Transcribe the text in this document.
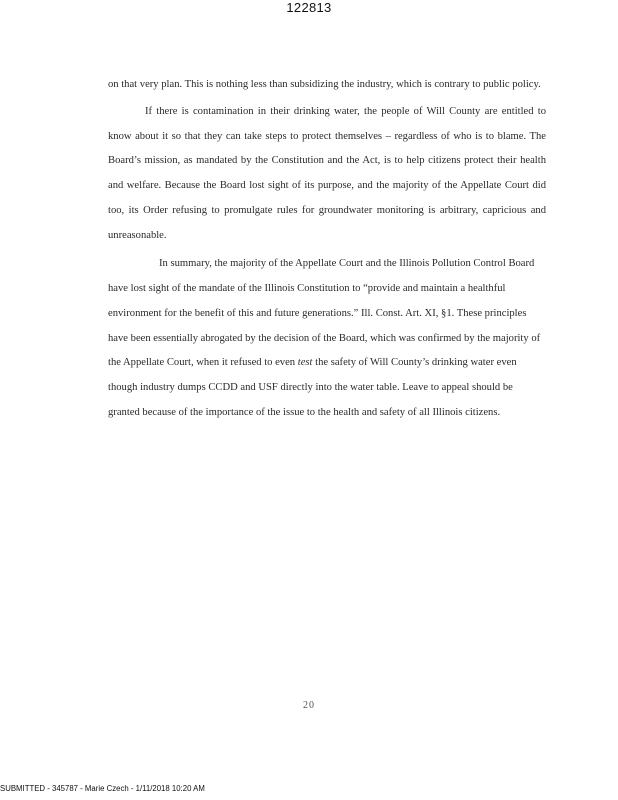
122813

on that very plan. This is nothing less than subsidizing the industry, which is contrary to public policy.

If there is contamination in their drinking water, the people of Will County are entitled to know about it so that they can take steps to protect themselves – regardless of who is to blame. The Board’s mission, as mandated by the Constitution and the Act, is to help citizens protect their health and welfare. Because the Board lost sight of its purpose, and the majority of the Appellate Court did too, its Order refusing to promulgate rules for groundwater monitoring is arbitrary, capricious and unreasonable.

In summary, the majority of the Appellate Court and the Illinois Pollution Control Board have lost sight of the mandate of the Illinois Constitution to “provide and maintain a healthful environment for the benefit of this and future generations.” Ill. Const. Art. XI, §1. These principles have been essentially abrogated by the decision of the Board, which was confirmed by the majority of the Appellate Court, when it refused to even test the safety of Will County’s drinking water even though industry dumps CCDD and USF directly into the water table. Leave to appeal should be granted because of the importance of the issue to the health and safety of all Illinois citizens.

20
SUBMITTED - 345787 - Marie Czech - 1/11/2018 10:20 AM
